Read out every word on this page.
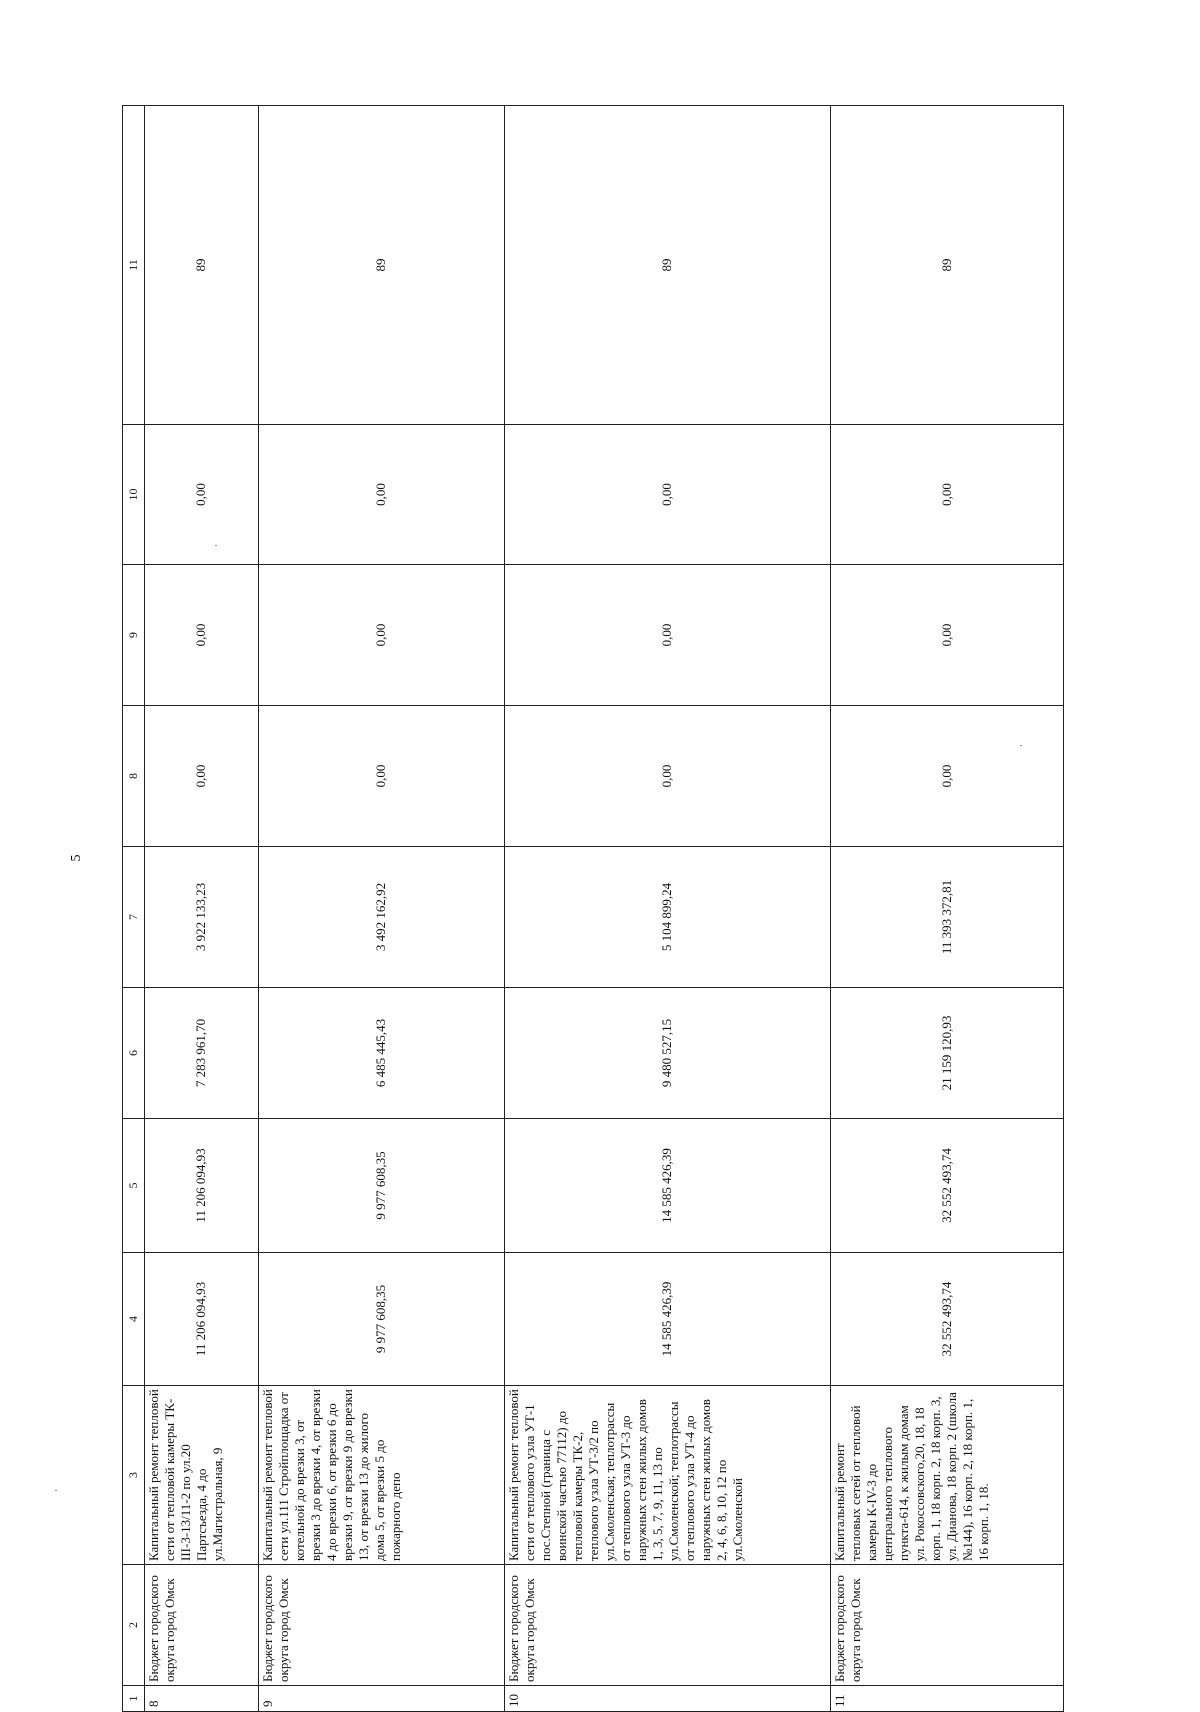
5
1	2	3	4	5	6	7	8	9	10	11
8	Бюджет городского округа город Омск	Капитальный ремонт тепловой сети от тепловой камеры ТК-III-3-13/11-2 по ул.20 Партсъезда, 4 до ул.Магистральная, 9	11 206 094,93	11 206 094,93	7 283 961,70	3 922 133,23	0,00	0,00	0,00	89
9	Бюджет городского округа город Омск	Капитальный ремонт тепловой сети ул.111 Стройплощадка от котельной до врезки 3, от врезки 3 до врезки 4, от врезки 4 до врезки 6, от врезки 6 до врезки 9, от врезки 9 до врезки 13, от врезки 13 до жилого дома 5, от врезки 5 до пожарного депо	9 977 608,35	9 977 608,35	6 485 445,43	3 492 162,92	0,00	0,00	0,00	89
10	Бюджет городского округа город Омск	Капитальный ремонт тепловой сети от теплового узла УТ-1 пос.Степной (граница с воинской частью 77112) до тепловой камеры ТК-2, теплового узла УТ-3/2 по ул.Смоленская; теплотрассы от теплового узла УТ-3 до наружных стен жилых домов 1, 3, 5, 7, 9, 11, 13 по ул.Смоленской; теплотрассы от теплового узла УТ-4 до наружных стен жилых домов 2, 4, 6, 8, 10, 12 по ул.Смоленской	14 585 426,39	14 585 426,39	9 480 527,15	5 104 899,24	0,00	0,00	0,00	89
11	Бюджет городского округа город Омск	Капитальный ремонт тепловых сетей от тепловой камеры К-IV-3 до центрального теплового пункта-614, к жилым домам ул. Рокоссовского,20, 18, 18 корп. 1, 18 корп. 2, 18 корп. 3, ул. Дианова, 18 корп. 2 (школа №144), 16 корп. 2, 18 корп. 1, 16 корп. 1, 18.	32 552 493,74	32 552 493,74	21 159 120,93	11 393 372,81	0,00	0,00	0,00	89
